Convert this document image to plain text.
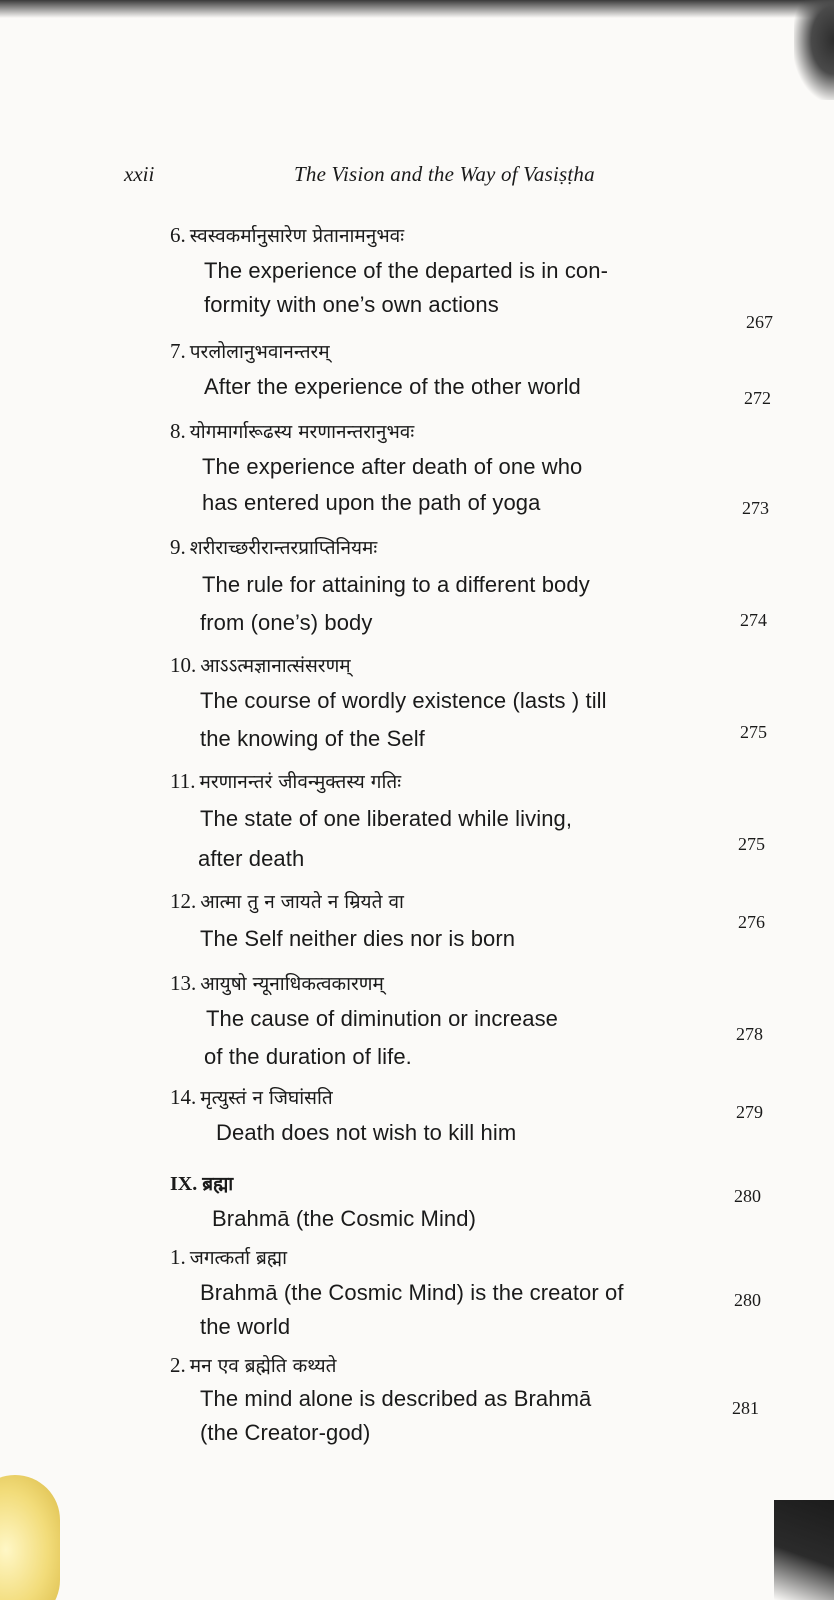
xxii	The Vision and the Way of Vasiṣṭha
6. स्वस्वकर्मानुसारेण प्रेतानामनुभवः
The experience of the departed is in con-
formity with one’s own actions
267
7. परलोलानुभवानन्तरम्
After the experience of the other world	272
8. योगमार्गारूढस्य मरणानन्तरानुभवः
The experience after death of one who
has entered upon the path of yoga	273
9. शरीराच्छरीरान्तरप्राप्तिनियमः
The rule for attaining to a different body
from (one’s) body	274
10. आऽऽत्मज्ञानात्संसरणम्
The course of wordly existence (lasts ) till
the knowing of the Self	275
11. मरणानन्तरं जीवन्मुक्तस्य गतिः
The state of one liberated while living,
after death
275
12. आत्मा तु न जायते न म्रियते वा
The Self neither dies nor is born
276
13. आयुषो न्यूनाधिकत्वकारणम्
The cause of diminution or increase
of the duration of life.
278
14. मृत्युस्तं न जिघांसति
Death does not wish to kill him
279
IX. ब्रह्मा
Brahmā (the Cosmic Mind)
280
1. जगत्कर्ता ब्रह्मा
Brahmā (the Cosmic Mind) is the creator of
the world
280
2. मन एव ब्रह्मेति कथ्यते
The mind alone is described as Brahmā
(the Creator-god)
281
